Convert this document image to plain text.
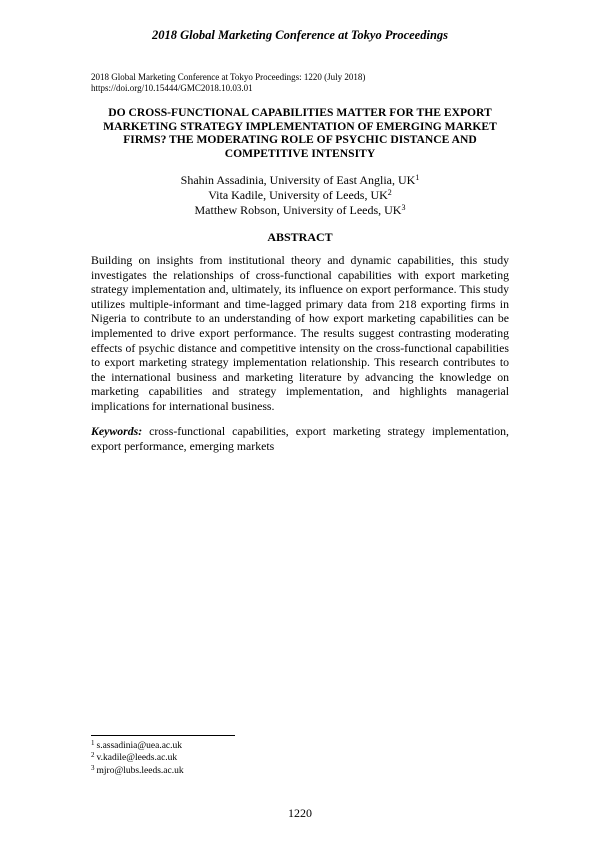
2018 Global Marketing Conference at Tokyo Proceedings
2018 Global Marketing Conference at Tokyo Proceedings: 1220 (July 2018)
https://doi.org/10.15444/GMC2018.10.03.01
DO CROSS-FUNCTIONAL CAPABILITIES MATTER FOR THE EXPORT
MARKETING STRATEGY IMPLEMENTATION OF EMERGING MARKET
FIRMS? THE MODERATING ROLE OF PSYCHIC DISTANCE AND
COMPETITIVE INTENSITY
Shahin Assadinia, University of East Anglia, $UK^1$
Vita Kadile, University of Leeds, $UK^2$
Matthew Robson, University of Leeds, $UK^3$
ABSTRACT

Building on insights from institutional theory and dynamic capabilities, this study investigates the relationships of cross-functional capabilities with export marketing strategy implementation and, ultimately, its influence on export performance. This study utilizes multiple-informant and time-lagged primary data from 218 exporting firms in Nigeria to contribute to an understanding of how export marketing capabilities can be implemented to drive export performance. The results suggest contrasting moderating effects of psychic distance and competitive intensity on the cross-functional capabilities to export marketing strategy implementation relationship. This research contributes to the international business and marketing literature by advancing the knowledge on marketing capabilities and strategy implementation, and highlights managerial implications for international business.

Keywords: cross-functional capabilities, export marketing strategy implementation, export performance, emerging markets

$^1$ s.assadinia@uea.ac.uk
$^2$ v.kadile@leeds.ac.uk
$^3$ mjro@lubs.leeds.ac.uk
1220
